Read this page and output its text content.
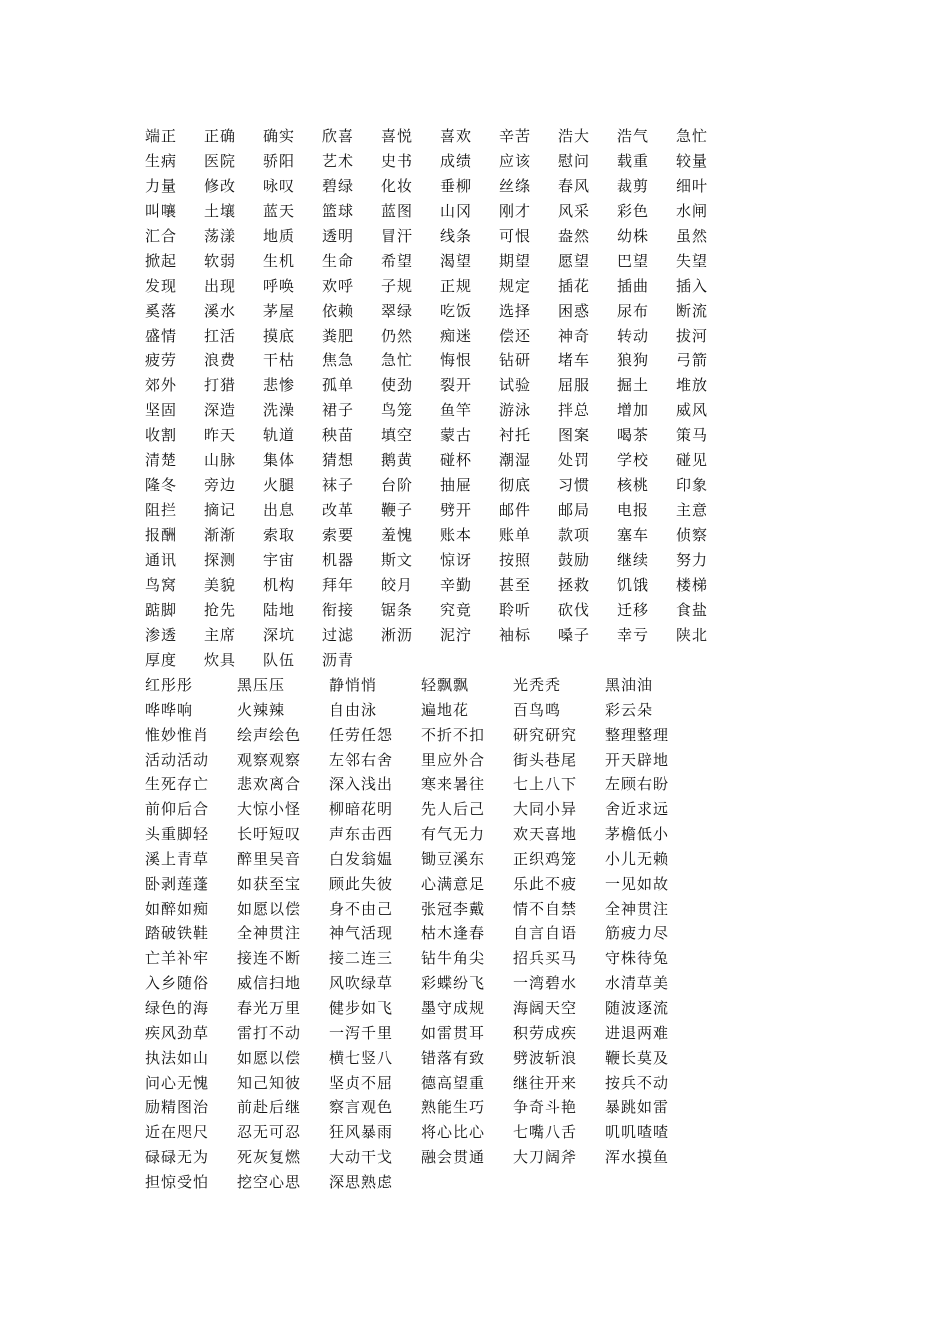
端正	正确	确实	欣喜	喜悦	喜欢	辛苦	浩大	浩气	急忙
生病	医院	骄阳	艺术	史书	成绩	应该	慰问	载重	较量
力量	修改	咏叹	碧绿	化妆	垂柳	丝绦	春风	裁剪	细叶
叫嚷	土壤	蓝天	篮球	蓝图	山冈	刚才	风采	彩色	水闸
汇合	荡漾	地质	透明	冒汗	线条	可恨	盎然	幼株	虽然
掀起	软弱	生机	生命	希望	渴望	期望	愿望	巴望	失望
发现	出现	呼唤	欢呼	子规	正规	规定	插花	插曲	插入
奚落	溪水	茅屋	依赖	翠绿	吃饭	选择	困惑	尿布	断流
盛情	扛活	摸底	粪肥	仍然	痴迷	偿还	神奇	转动	拔河
疲劳	浪费	干枯	焦急	急忙	悔恨	钻研	堵车	狼狗	弓箭
郊外	打猎	悲惨	孤单	使劲	裂开	试验	屈服	掘土	堆放
坚固	深造	洗澡	裙子	鸟笼	鱼竿	游泳	拌总	增加	威风
收割	昨天	轨道	秧苗	填空	蒙古	衬托	图案	喝茶	策马
清楚	山脉	集体	猜想	鹅黄	碰杯	潮湿	处罚	学校	碰见
隆冬	旁边	火腿	袜子	台阶	抽屉	彻底	习惯	核桃	印象
阻拦	摘记	出息	改革	鞭子	劈开	邮件	邮局	电报	主意
报酬	渐渐	索取	索要	羞愧	账本	账单	款项	塞车	侦察
通讯	探测	宇宙	机器	斯文	惊讶	按照	鼓励	继续	努力
鸟窝	美貌	机构	拜年	皎月	辛勤	甚至	拯救	饥饿	楼梯
踮脚	抢先	陆地	衔接	锯条	究竟	聆听	砍伐	迁移	食盐
渗透	主席	深坑	过滤	淅沥	泥泞	袖标	嗓子	幸亏	陕北
厚度	炊具	队伍	沥青
红彤彤	黑压压	静悄悄	轻飘飘	光秃秃	黑油油
哗哗响	火辣辣	自由泳	遍地花	百鸟鸣	彩云朵
惟妙惟肖	绘声绘色	任劳任怨	不折不扣	研究研究	整理整理
活动活动	观察观察	左邻右舍	里应外合	街头巷尾	开天辟地
生死存亡	悲欢离合	深入浅出	寒来暑往	七上八下	左顾右盼
前仰后合	大惊小怪	柳暗花明	先人后己	大同小异	舍近求远
头重脚轻	长吁短叹	声东击西	有气无力	欢天喜地	茅檐低小
溪上青草	醉里吴音	白发翁媪	锄豆溪东	正织鸡笼	小儿无赖
卧剥莲蓬	如获至宝	顾此失彼	心满意足	乐此不疲	一见如故
如醉如痴	如愿以偿	身不由己	张冠李戴	情不自禁	全神贯注
踏破铁鞋	全神贯注	神气活现	枯木逢春	自言自语	筋疲力尽
亡羊补牢	接连不断	接二连三	钻牛角尖	招兵买马	守株待兔
入乡随俗	威信扫地	风吹绿草	彩蝶纷飞	一湾碧水	水清草美
绿色的海	春光万里	健步如飞	墨守成规	海阔天空	随波逐流
疾风劲草	雷打不动	一泻千里	如雷贯耳	积劳成疾	进退两难
执法如山	如愿以偿	横七竖八	错落有致	劈波斩浪	鞭长莫及
问心无愧	知己知彼	坚贞不屈	德高望重	继往开来	按兵不动
励精图治	前赴后继	察言观色	熟能生巧	争奇斗艳	暴跳如雷
近在咫尺	忍无可忍	狂风暴雨	将心比心	七嘴八舌	叽叽喳喳
碌碌无为	死灰复燃	大动干戈	融会贯通	大刀阔斧	浑水摸鱼
担惊受怕	挖空心思	深思熟虑
